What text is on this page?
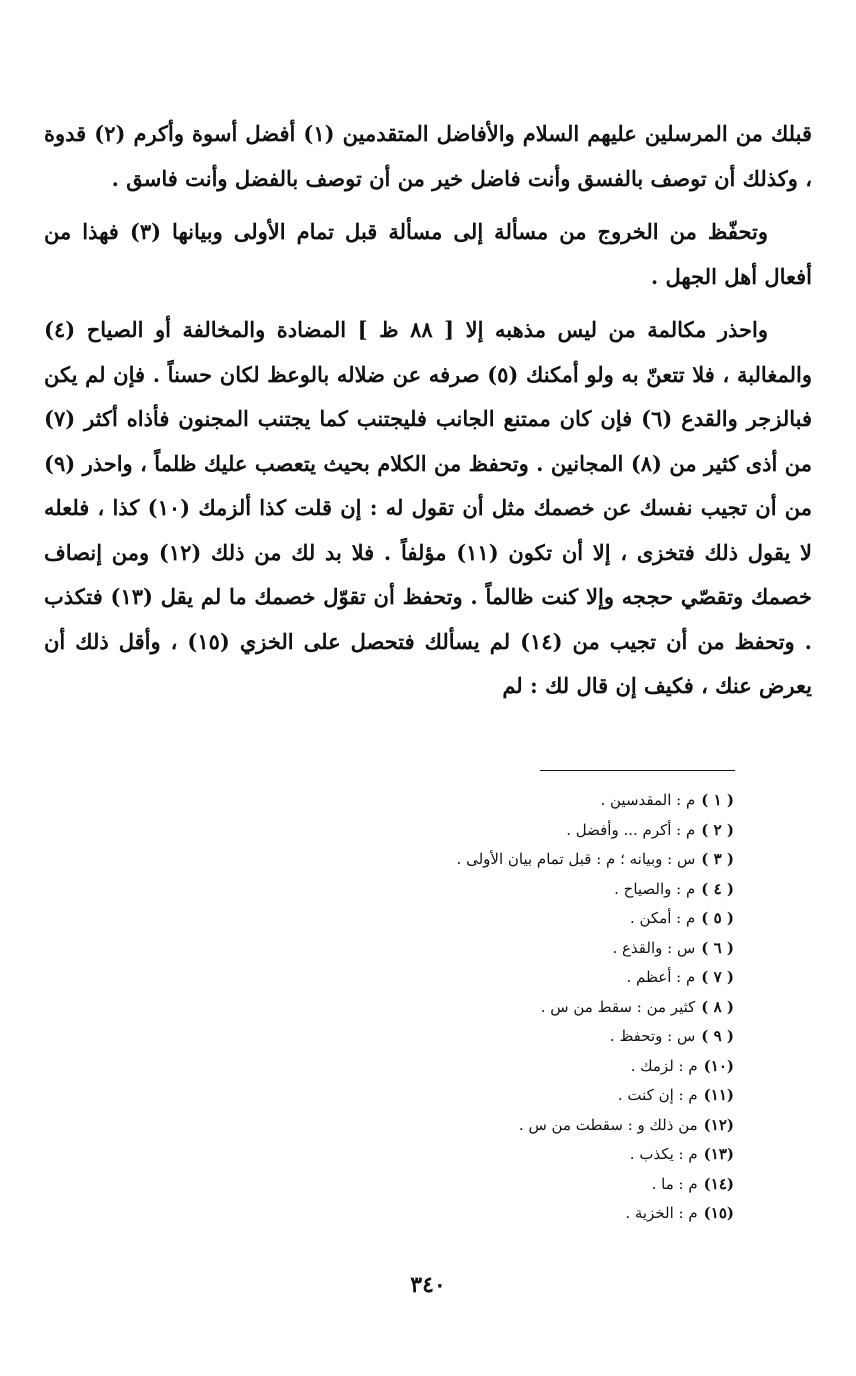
قبلك من المرسلين عليهم السلام والأفاضل المتقدمين (١) أفضل أسوة وأكرم (٢) قدوة ، وكذلك أن توصف بالفسق وأنت فاضل خير من أن توصف بالفضل وأنت فاسق .

وتحفّظ من الخروج من مسألة إلى مسألة قبل تمام الأولى وبيانها (٣) فهذا من أفعال أهل الجهل .

واحذر مكالمة من ليس مذهبه إلا [ ٨٨ ظ ] المضادة والمخالفة أو الصياح (٤) والمغالبة ، فلا تتعنّ به ولو أمكنك (٥) صرفه عن ضلاله بالوعظ لكان حسناً . فإن لم يكن فبالزجر والقدع (٦) فإن كان ممتنع الجانب فليجتنب كما يجتنب المجنون فأذاه أكثر (٧) من أذى كثير من (٨) المجانين . وتحفظ من الكلام بحيث يتعصب عليك ظلماً ، واحذر (٩) من أن تجيب نفسك عن خصمك مثل أن تقول له : إن قلت كذا ألزمك (١٠) كذا ، فلعله لا يقول ذلك فتخزى ، إلا أن تكون (١١) مؤلفاً . فلا بد لك من ذلك (١٢) ومن إنصاف خصمك وتقصّي حججه وإلا كنت ظالماً . وتحفظ أن تقوّل خصمك ما لم يقل (١٣) فتكذب . وتحفظ من أن تجيب من (١٤) لم يسألك فتحصل على الخزي (١٥) ، وأقل ذلك أن يعرض عنك ، فكيف إن قال لك : لم

( ١ )م : المقدسين .
( ٢ )م : أكرم ... وأفضل .
( ٣ )س : وبيانه ؛ م : قبل تمام بيان الأولى .
( ٤ )م : والصياح .
( ٥ )م : أمكن .
( ٦ )س : والقذع .
( ٧ )م : أعظم .
( ٨ )كثير من : سقط من س .
( ٩ )س : وتحفظ .
(١٠)م : لزمك .
(١١)م : إن كنت .
(١٢)من ذلك و : سقطت من س .
(١٣)م : يكذب .
(١٤)م : ما .
(١٥)م : الخزية .
٣٤٠
